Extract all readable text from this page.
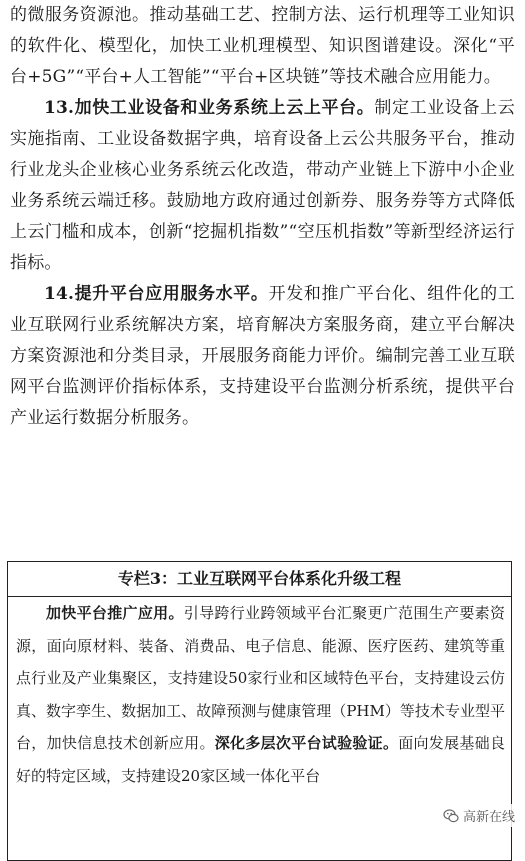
的微服务资源池。推动基础工艺、控制方法、运行机理等工业知识的软件化、模型化，加快工业机理模型、知识图谱建设。深化“平台+5G”“平台+人工智能”“平台+区块链”等技术融合应用能力。

13.加快工业设备和业务系统上云上平台。制定工业设备上云实施指南、工业设备数据字典，培育设备上云公共服务平台，推动行业龙头企业核心业务系统云化改造，带动产业链上下游中小企业业务系统云端迁移。鼓励地方政府通过创新券、服务券等方式降低上云门槛和成本，创新“挖掘机指数”“空压机指数”等新型经济运行指标。

14.提升平台应用服务水平。开发和推广平台化、组件化的工业互联网行业系统解决方案，培育解决方案服务商，建立平台解决方案资源池和分类目录，开展服务商能力评价。编制完善工业互联网平台监测评价指标体系，支持建设平台监测分析系统，提供平台产业运行数据分析服务。

专栏3：工业互联网平台体系化升级工程

加快平台推广应用。引导跨行业跨领域平台汇聚更广范围生产要素资源，面向原材料、装备、消费品、电子信息、能源、医疗医药、建筑等重点行业及产业集聚区，支持建设50家行业和区域特色平台，支持建设云仿真、数字孪生、数据加工、故障预测与健康管理（PHM）等技术专业型平台，加快信息技术创新应用。深化多层次平台试验验证。面向发展基础良好的特定区域，支持建设20家区域一体化平台

高新在线
